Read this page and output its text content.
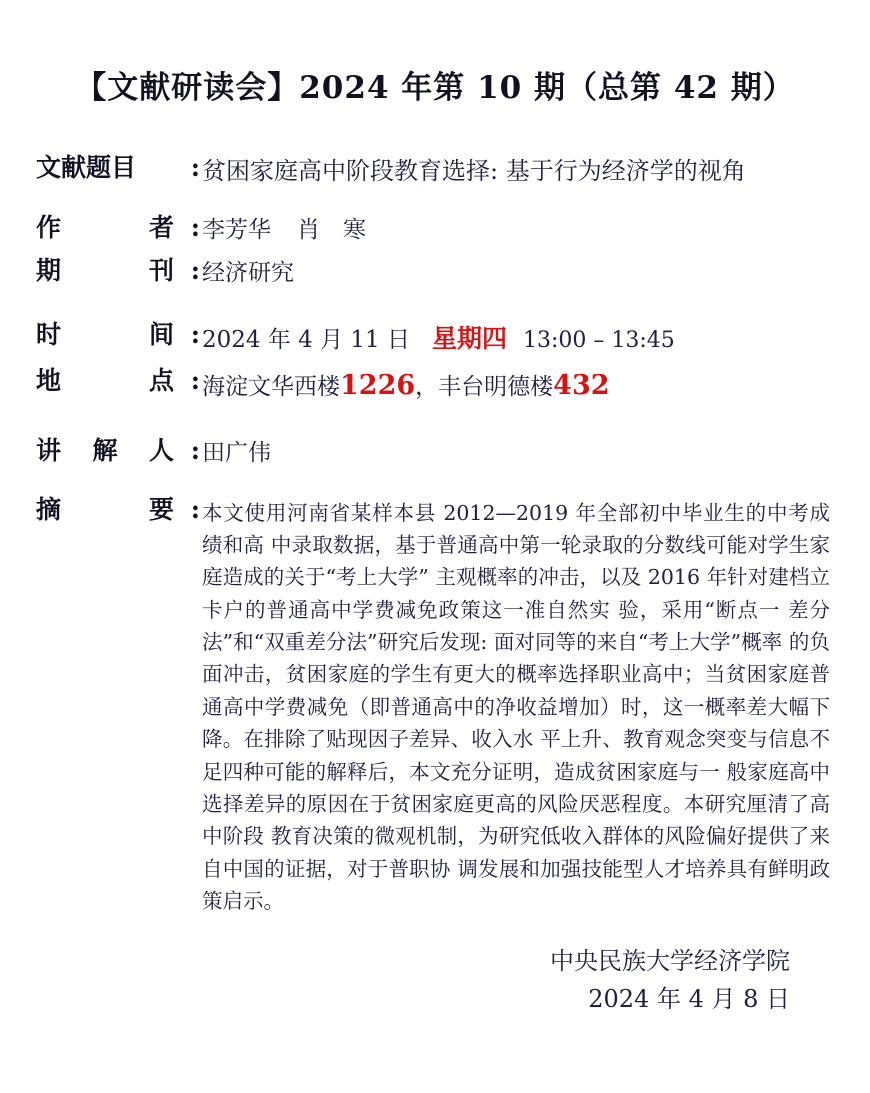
【文献研读会】2024 年第 10 期（总第 42 期）
文献题目	: 贫困家庭高中阶段教育选择: 基于行为经济学的视角
作	者 : 李芳华 肖　寒
期	刊 : 经济研究
时	间 : 2024 年 4 月 11 日 星期四 13:00 – 13:45
地	点 : 海淀文华西楼1226，丰台明德楼432
讲 解 人 : 田广伟
摘	要 : 本文使用河南省某样本县 2012—2019 年全部初中毕业生的中考成绩和高 中录取数据，基于普通高中第一轮录取的分数线可能对学生家庭造成的关于“考上大学” 主观概率的冲击，以及 2016 年针对建档立卡户的普通高中学费减免政策这一准自然实 验，采用“断点一 差分法”和“双重差分法”研究后发现: 面对同等的来自“考上大学”概率 的负面冲击，贫困家庭的学生有更大的概率选择职业高中；当贫困家庭普通高中学费减免（即普通高中的净收益增加）时，这一概率差大幅下降。在排除了贴现因子差异、收入水 平上升、教育观念突变与信息不足四种可能的解释后，本文充分证明，造成贫困家庭与一 般家庭高中选择差异的原因在于贫困家庭更高的风险厌恶程度。本研究厘清了高中阶段 教育决策的微观机制，为研究低收入群体的风险偏好提供了来自中国的证据，对于普职协 调发展和加强技能型人才培养具有鲜明政策启示。
中央民族大学经济学院
2024 年 4 月 8 日
